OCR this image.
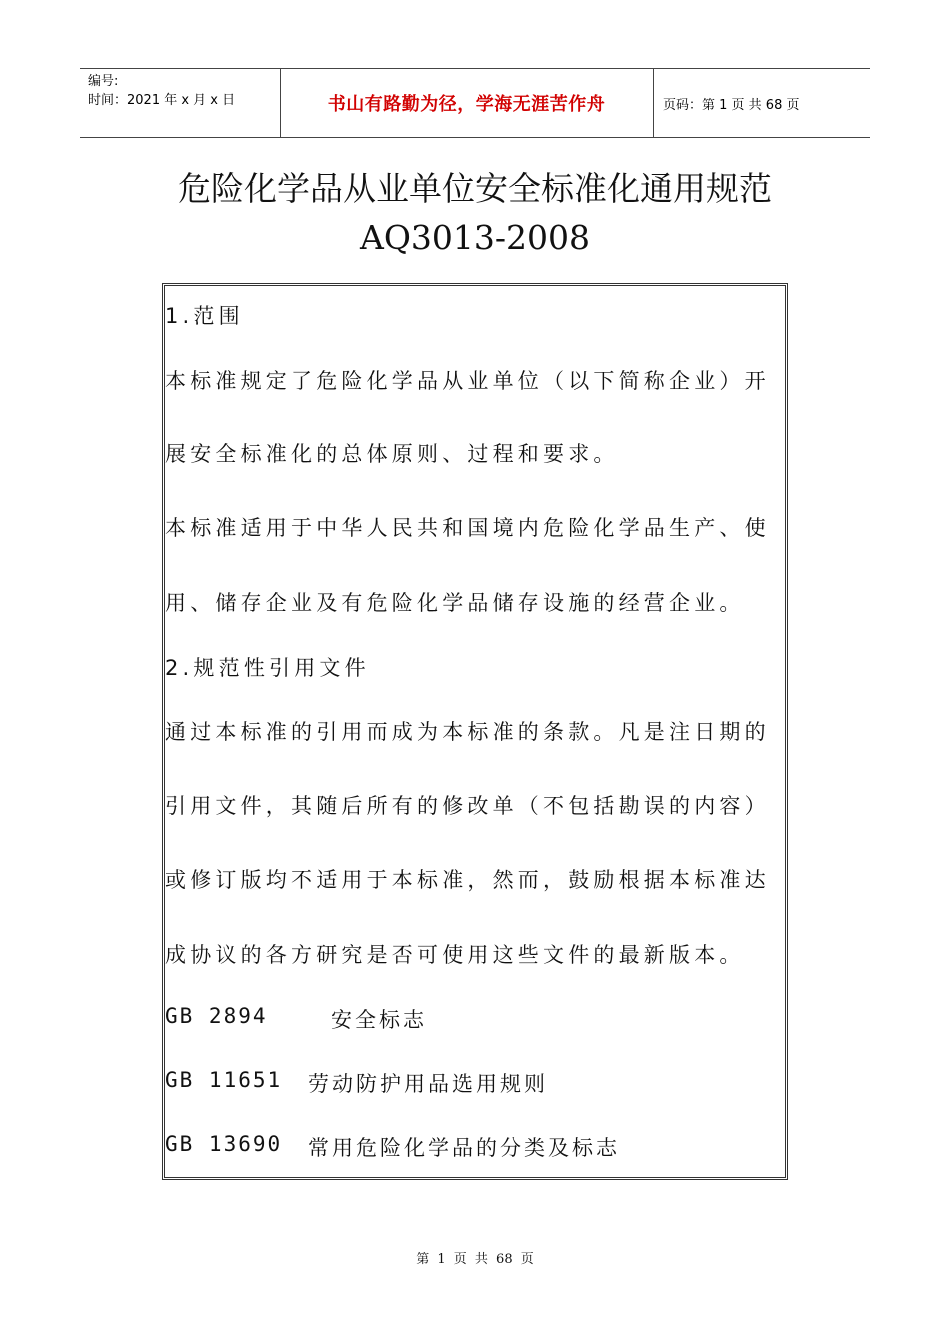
编号:
时间：2021 年 x 月 x 日	书山有路勤为径，学海无涯苦作舟	页码：第 1 页 共 68 页
危险化学品从业单位安全标准化通用规范
AQ3013-2008
1.范围
本标准规定了危险化学品从业单位（以下简称企业）开
展安全标准化的总体原则、过程和要求。
本标准适用于中华人民共和国境内危险化学品生产、使
用、储存企业及有危险化学品储存设施的经营企业。
2.规范性引用文件
通过本标准的引用而成为本标准的条款。凡是注日期的
引用文件，其随后所有的修改单（不包括勘误的内容）
或修订版均不适用于本标准，然而，鼓励根据本标准达
成协议的各方研究是否可使用这些文件的最新版本。
GB 2894	安全标志
GB 11651 劳动防护用品选用规则
GB 13690 常用危险化学品的分类及标志
第 1 页 共 68 页
